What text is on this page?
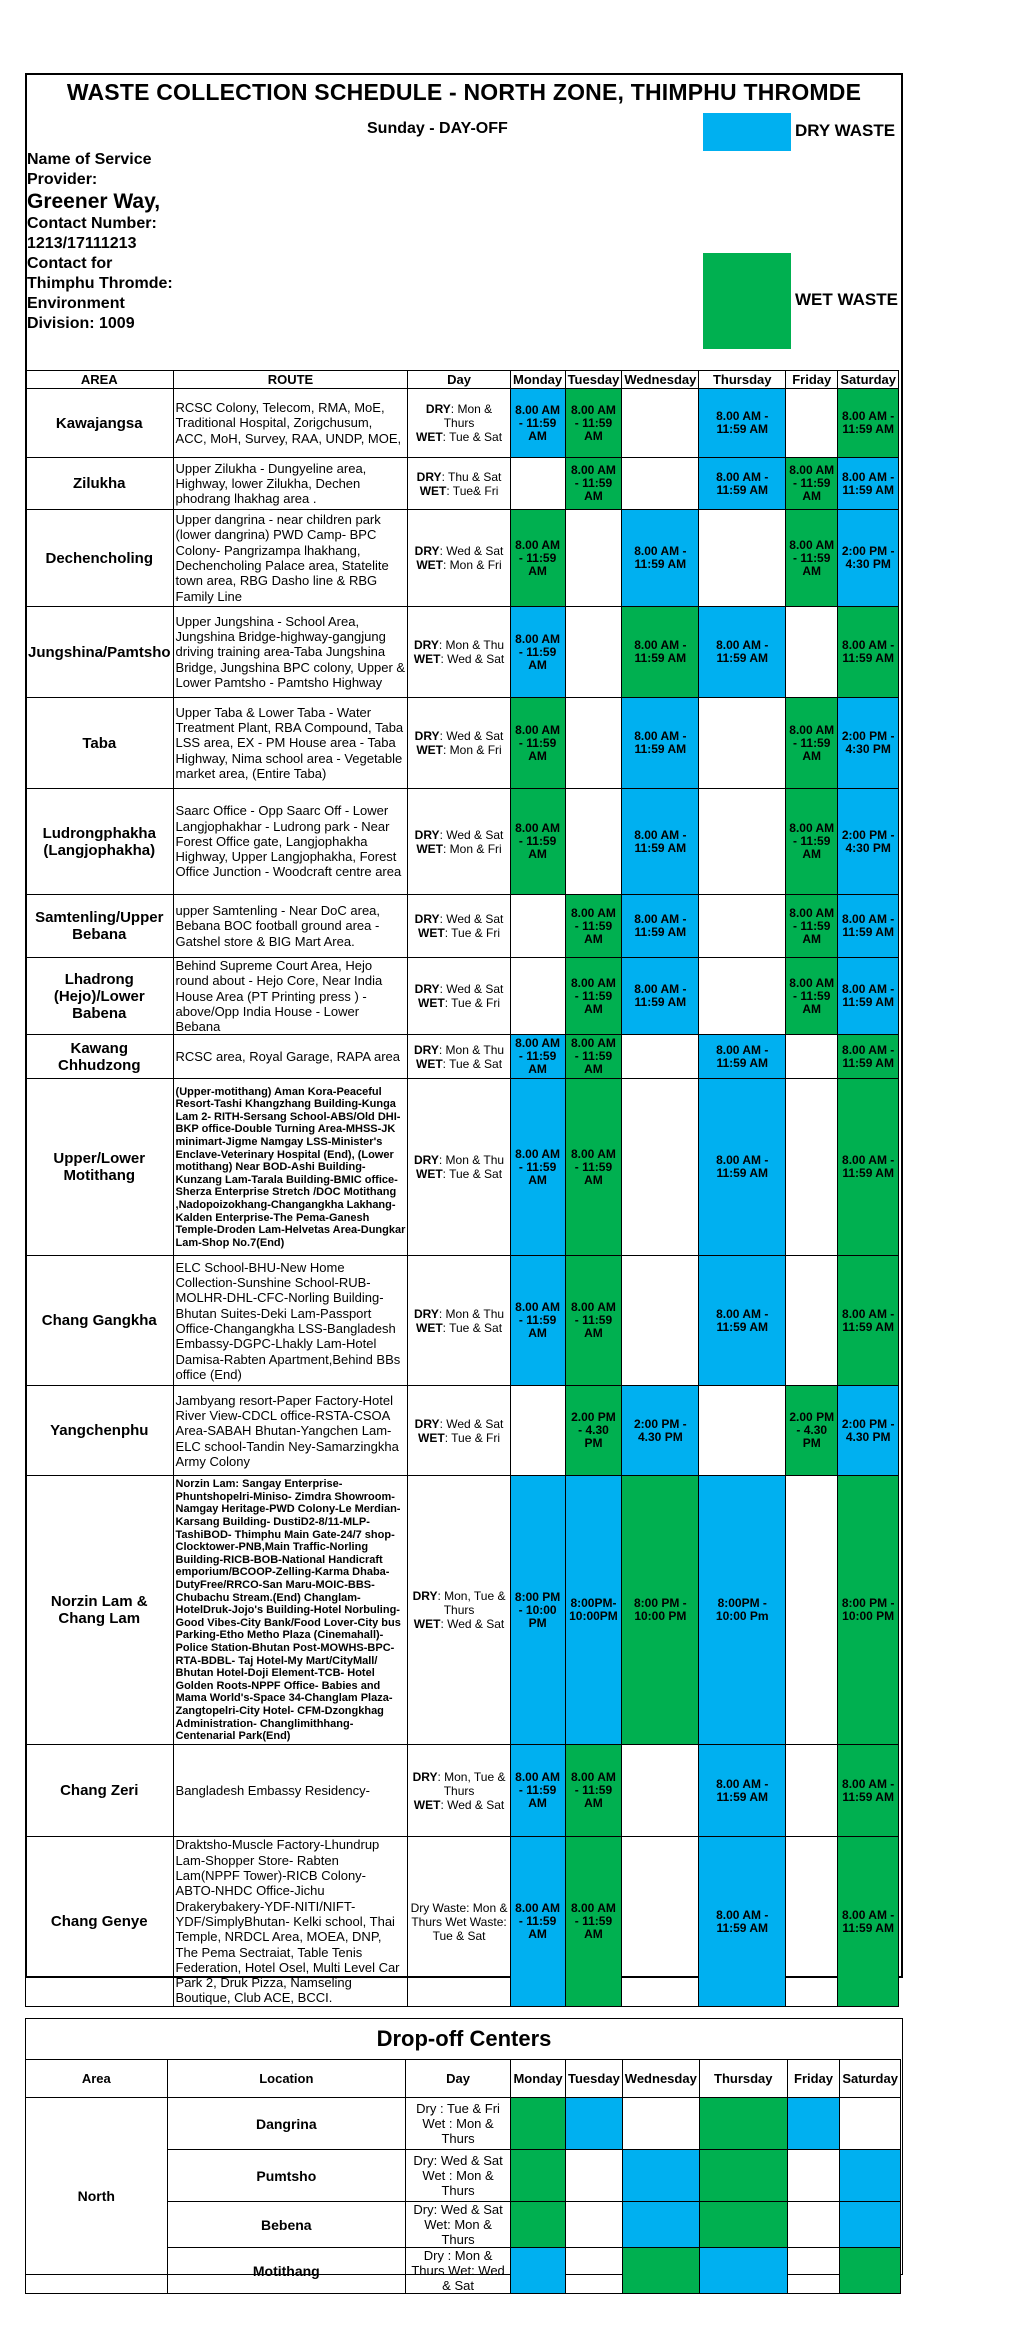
WASTE COLLECTION SCHEDULE - NORTH ZONE, THIMPHU THROMDE
Sunday - DAY-OFF	DRY WASTE
WET WASTE
Name of Service Provider:
Greener Way,
Contact Number:
1213/17111213
Contact for Thimphu Thromde:
Environment Division: 1009
AREA	ROUTE	Day	Monday	Tuesday	Wednesday	Thursday	Friday	Saturday
Kawajangsa	RCSC Colony, Telecom, RMA, MoE, Traditional Hospital, Zorigchusum, ACC, MoH, Survey, RAA, UNDP, MOE,	DRY: Mon & Thurs
WET: Tue & Sat	8.00 AM - 11:59 AM	8.00 AM - 11:59 AM		8.00 AM - 11:59 AM		8.00 AM - 11:59 AM
Zilukha	Upper Zilukha - Dungyeline area, Highway, lower Zilukha, Dechen phodrang lhakhag area .	DRY: Thu & Sat
WET: Tue& Fri		8.00 AM - 11:59 AM		8.00 AM - 11:59 AM	8.00 AM - 11:59 AM	8.00 AM - 11:59 AM
Dechencholing	Upper dangrina - near children park (lower dangrina) PWD Camp- BPC Colony- Pangrizampa lhakhang, Dechencholing Palace area, Statelite town area, RBG Dasho line & RBG Family Line	DRY: Wed & Sat
WET: Mon & Fri	8.00 AM - 11:59 AM		8.00 AM - 11:59 AM		8.00 AM - 11:59 AM	2:00 PM - 4:30 PM
Jungshina/Pamtsho	Upper Jungshina - School Area, Jungshina Bridge-highway-gangjung driving training area-Taba Jungshina Bridge, Jungshina BPC colony, Upper & Lower Pamtsho - Pamtsho Highway	DRY: Mon & Thu
WET: Wed & Sat	8.00 AM - 11:59 AM		8.00 AM - 11:59 AM	8.00 AM - 11:59 AM		8.00 AM - 11:59 AM
Taba	Upper Taba & Lower Taba - Water Treatment Plant, RBA Compound, Taba LSS area, EX - PM House area - Taba Highway, Nima school area - Vegetable market area, (Entire Taba)	DRY: Wed & Sat
WET: Mon & Fri	8.00 AM - 11:59 AM		8.00 AM - 11:59 AM		8.00 AM - 11:59 AM	2:00 PM - 4:30 PM
Ludrongphakha (Langjophakha)	Saarc Office - Opp Saarc Off - Lower Langjophakhar - Ludrong park - Near Forest Office gate, Langjophakha Highway, Upper Langjophakha, Forest Office Junction - Woodcraft centre area	DRY: Wed & Sat
WET: Mon & Fri	8.00 AM - 11:59 AM		8.00 AM - 11:59 AM		8.00 AM - 11:59 AM	2:00 PM - 4:30 PM
Samtenling/Upper Bebana	upper Samtenling - Near DoC area, Bebana BOC football ground area - Gatshel store & BIG Mart Area.	DRY: Wed & Sat
WET: Tue & Fri		8.00 AM - 11:59 AM	8.00 AM - 11:59 AM		8.00 AM - 11:59 AM	8.00 AM - 11:59 AM
Lhadrong (Hejo)/Lower Babena	Behind Supreme Court Area, Hejo round about - Hejo Core, Near India House Area (PT Printing press ) - above/Opp India House - Lower Bebana	DRY: Wed & Sat
WET: Tue & Fri		8.00 AM - 11:59 AM	8.00 AM - 11:59 AM		8.00 AM - 11:59 AM	8.00 AM - 11:59 AM
Kawang Chhudzong	RCSC area, Royal Garage, RAPA area	DRY: Mon & Thu
WET: Tue & Sat	8.00 AM - 11:59 AM	8.00 AM - 11:59 AM		8.00 AM - 11:59 AM		8.00 AM - 11:59 AM
Upper/Lower Motithang	(Upper-motithang) Aman Kora-Peaceful Resort-Tashi Khangzhang Building-Kunga Lam 2- RITH-Sersang School-ABS/Old DHI-BKP office-Double Turning Area-MHSS-JK minimart-Jigme Namgay LSS-Minister's Enclave-Veterinary Hospital (End), (Lower motithang) Near BOD-Ashi Building-Kunzang Lam-Tarala Building-BMIC office-Sherza Enterprise Stretch /DOC Motithang ,Nadopoizokhang-Changangkha Lakhang-Kalden Enterprise-The Pema-Ganesh Temple-Droden Lam-Helvetas Area-Dungkar Lam-Shop No.7(End)	DRY: Mon & Thu
WET: Tue & Sat	8.00 AM - 11:59 AM	8.00 AM - 11:59 AM		8.00 AM - 11:59 AM		8.00 AM - 11:59 AM
Chang Gangkha	ELC School-BHU-New Home Collection-Sunshine School-RUB-MOLHR-DHL-CFC-Norling Building-Bhutan Suites-Deki Lam-Passport Office-Changangkha LSS-Bangladesh Embassy-DGPC-Lhakly Lam-Hotel Damisa-Rabten Apartment,Behind BBs office (End)	DRY: Mon & Thu
WET: Tue & Sat	8.00 AM - 11:59 AM	8.00 AM - 11:59 AM		8.00 AM - 11:59 AM		8.00 AM - 11:59 AM
Yangchenphu	Jambyang resort-Paper Factory-Hotel River View-CDCL office-RSTA-CSOA Area-SABAH Bhutan-Yangchen Lam-ELC school-Tandin Ney-Samarzingkha Army Colony	DRY: Wed & Sat
WET: Tue & Fri		2.00 PM - 4.30 PM	2:00 PM - 4.30 PM		2.00 PM - 4.30 PM	2:00 PM - 4.30 PM
Norzin Lam & Chang Lam	Norzin Lam: Sangay Enterprise-Phuntshopelri-Miniso- Zimdra Showroom-Namgay Heritage-PWD Colony-Le Merdian-Karsang Building- DustiD2-8/11-MLP-TashiBOD- Thimphu Main Gate-24/7 shop-Clocktower-PNB,Main Traffic-Norling Building-RICB-BOB-National Handicraft emporium/BCOOP-Zelling-Karma Dhaba-DutyFree/RRCO-San Maru-MOIC-BBS-Chubachu Stream.(End) Changlam-HotelDruk-Jojo's Building-Hotel Norbuling-Good Vibes-City Bank/Food Lover-City bus Parking-Etho Metho Plaza (Cinemahall)-Police Station-Bhutan Post-MOWHS-BPC-RTA-BDBL- Taj Hotel-My Mart/CityMall/ Bhutan Hotel-Doji Element-TCB- Hotel Golden Roots-NPPF Office- Babies and Mama World's-Space 34-Changlam Plaza-Zangtopelri-City Hotel- CFM-Dzongkhag Administration- Changlimithhang-Centenarial Park(End)	DRY: Mon, Tue & Thurs
WET: Wed & Sat	8:00 PM - 10:00 PM	8:00PM- 10:00PM	8:00 PM - 10:00 PM	8:00PM - 10:00 Pm		8:00 PM - 10:00 PM
Chang Zeri	Bangladesh Embassy Residency-	DRY: Mon, Tue & Thurs
WET: Wed & Sat	8.00 AM - 11:59 AM	8.00 AM - 11:59 AM		8.00 AM - 11:59 AM		8.00 AM - 11:59 AM
Chang Genye	Draktsho-Muscle Factory-Lhundrup Lam-Shopper Store- Rabten Lam(NPPF Tower)-RICB Colony-ABTO-NHDC Office-Jichu Drakerybakery-YDF-NITI/NIFT-YDF/SimplyBhutan- Kelki school, Thai Temple, NRDCL Area, MOEA, DNP, The Pema Sectraiat, Table Tenis Federation, Hotel Osel, Multi Level Car Park 2, Druk Pizza, Namseling Boutique, Club ACE, BCCI.	Dry Waste: Mon & Thurs Wet Waste: Tue & Sat	8.00 AM - 11:59 AM	8.00 AM - 11:59 AM		8.00 AM - 11:59 AM		8.00 AM - 11:59 AM
Drop-off Centers
Area	Location	Day	Monday	Tuesday	Wednesday	Thursday	Friday	Saturday
North	Dangrina	Dry : Tue & Fri Wet : Mon & Thurs						
	Pumtsho	Dry: Wed & Sat Wet : Mon & Thurs						
	Bebena	Dry: Wed & Sat Wet: Mon & Thurs						
	Motithang	Dry : Mon & Thurs Wet: Wed & Sat						
